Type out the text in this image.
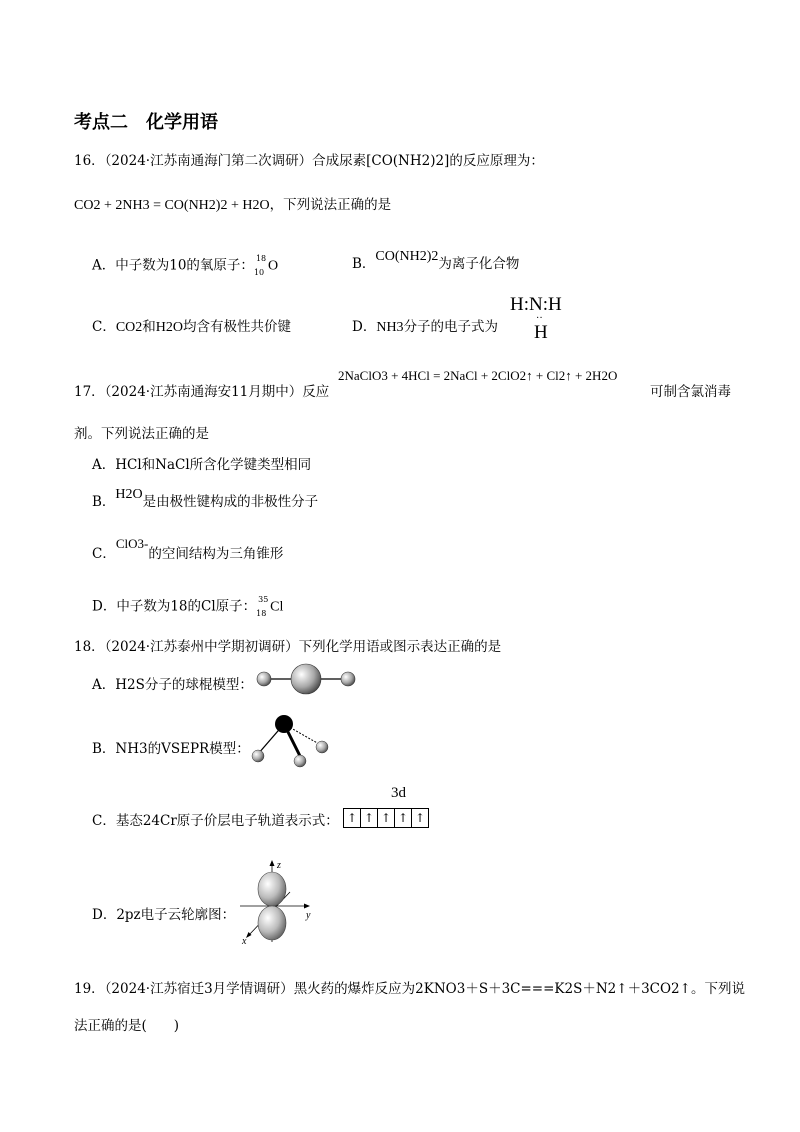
考点二　化学用语
16．（2024·江苏南通海门第二次调研）合成尿素[CO(NH2)2]的反应原理为：
CO2 + 2NH3 = CO(NH2)2 + H2O，下列说法正确的是
A．中子数为10的氧原子： 18
10 O	B．CO(NH2)2为离子化合物
C．CO2和H2O均含有极性共价键	D．NH3分子的电子式为
H:N:H
··
H
17．（2024·江苏南通海安11月期中）反应
2NaClO3 + 4HCl = 2NaCl + 2ClO2↑ + Cl2↑ + 2H2O
可制含氯消毒
剂。下列说法正确的是
A．HCl和NaCl所含化学键类型相同
B．H2O是由极性键构成的非极性分子
C．ClO3-的空间结构为三角锥形
D．中子数为18的Cl原子： 35
18 Cl
18．（2024·江苏泰州中学期初调研）下列化学用语或图示表达正确的是
A．H2S分子的球棍模型：
B．NH3的VSEPR模型：
C．基态24Cr原子价层电子轨道表示式：
3d
↑ ↑ ↑ ↑ ↑
D．2pz电子云轮廓图：
z
y
x
19．（2024·江苏宿迁3月学情调研）黑火药的爆炸反应为2KNO3＋S＋3C===K2S＋N2↑＋3CO2↑。下列说
法正确的是(　　)
